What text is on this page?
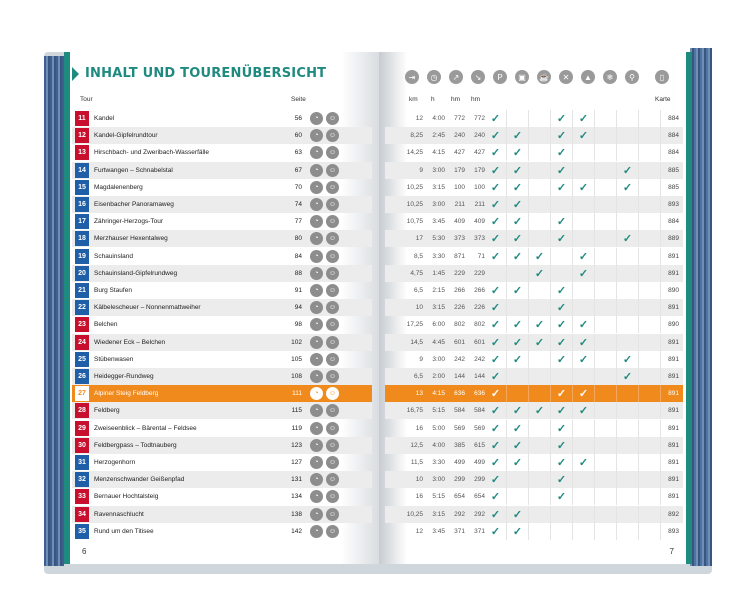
INHALT UND TOURENÜBERSICHT
Tour	Seite
11	Kandel	56	◔	☺
12	Kandel-Gipfelrundtour	60	◔	☺
13	Hirschbach- und Zweribach-Wasserfälle	63	◔	☺
14	Furtwangen – Schnabelstal	67	◔	☺
15	Magdalenenberg	70	◔	☺
16	Eisenbacher Panoramaweg	74	◔	☺
17	Zähringer-Herzogs-Tour	77	◔	☺
18	Merzhauser Hexentalweg	80	◔	☺
19	Schauinsland	84	◔	☺
20	Schauinsland-Gipfelrundweg	88	◔	☺
21	Burg Staufen	91	◔	☺
22	Kälbelescheuer – Nonnenmattweiher	94	◔	☺
23	Belchen	98	◔	☺
24	Wiedener Eck – Belchen	102	◔	☺
25	Stübenwasen	105	◔	☺
26	Heidegger-Rundweg	108	◔	☺
27	Alpiner Steig Feldberg	111	◔	☺
28	Feldberg	115	◔	☺
29	Zweiseenblick – Bärental – Feldsee	119	◔	☺
30	Feldbergpass – Todtnauberg	123	◔	☺
31	Herzogenhorn	127	◔	☺
32	Menzenschwander Geißenpfad	131	◔	☺
33	Bernauer Hochtalsteig	134	◔	☺
34	Ravennaschlucht	138	◔	☺
35	Rund um den Titisee	142	◔	☺
6
⇥	◷	↗	↘	P	▣	☕	✕	▲	❄	⚲	▯
km h	hm hm	Karte
12	4:00	772	772 ✓	✓	✓	884
8,25	2:45	240	240 ✓	✓	✓	✓	884
14,25	4:15	427	427 ✓	✓	✓	884
9	3:00	179	179 ✓	✓	✓	✓	885
10,25	3:15	100	100 ✓	✓	✓	✓	✓	885
10,25	3:00	211	211 ✓	✓	893
10,75	3:45	409	409 ✓	✓	✓	884
17	5:30	373	373 ✓	✓	✓	✓	889
8,5	3:30	871	71 ✓	✓	✓	✓	891
4,75	1:45	229	229	✓	✓	891
6,5	2:15	266	266 ✓	✓	✓	890
10	3:15	226	226 ✓	✓	891
17,25	6:00	802	802 ✓	✓	✓	✓	✓	890
14,5	4:45	601	601 ✓	✓	✓	✓	✓	891
9	3:00	242	242 ✓	✓	✓	✓	✓	891
6,5	2:00	144	144 ✓	✓	891
13	4:15	636	636 ✓	✓	✓	891
16,75	5:15	584	584 ✓	✓	✓	✓	✓	891
16	5:00	569	569 ✓	✓	✓	891
12,5	4:00	385	615 ✓	✓	✓	891
11,5	3:30	499	499 ✓	✓	✓	✓	891
10	3:00	299	299 ✓	✓	891
16	5:15	654	654 ✓	✓	891
10,25	3:15	292	292 ✓	✓	892
12	3:45	371	371 ✓	✓	893
7
